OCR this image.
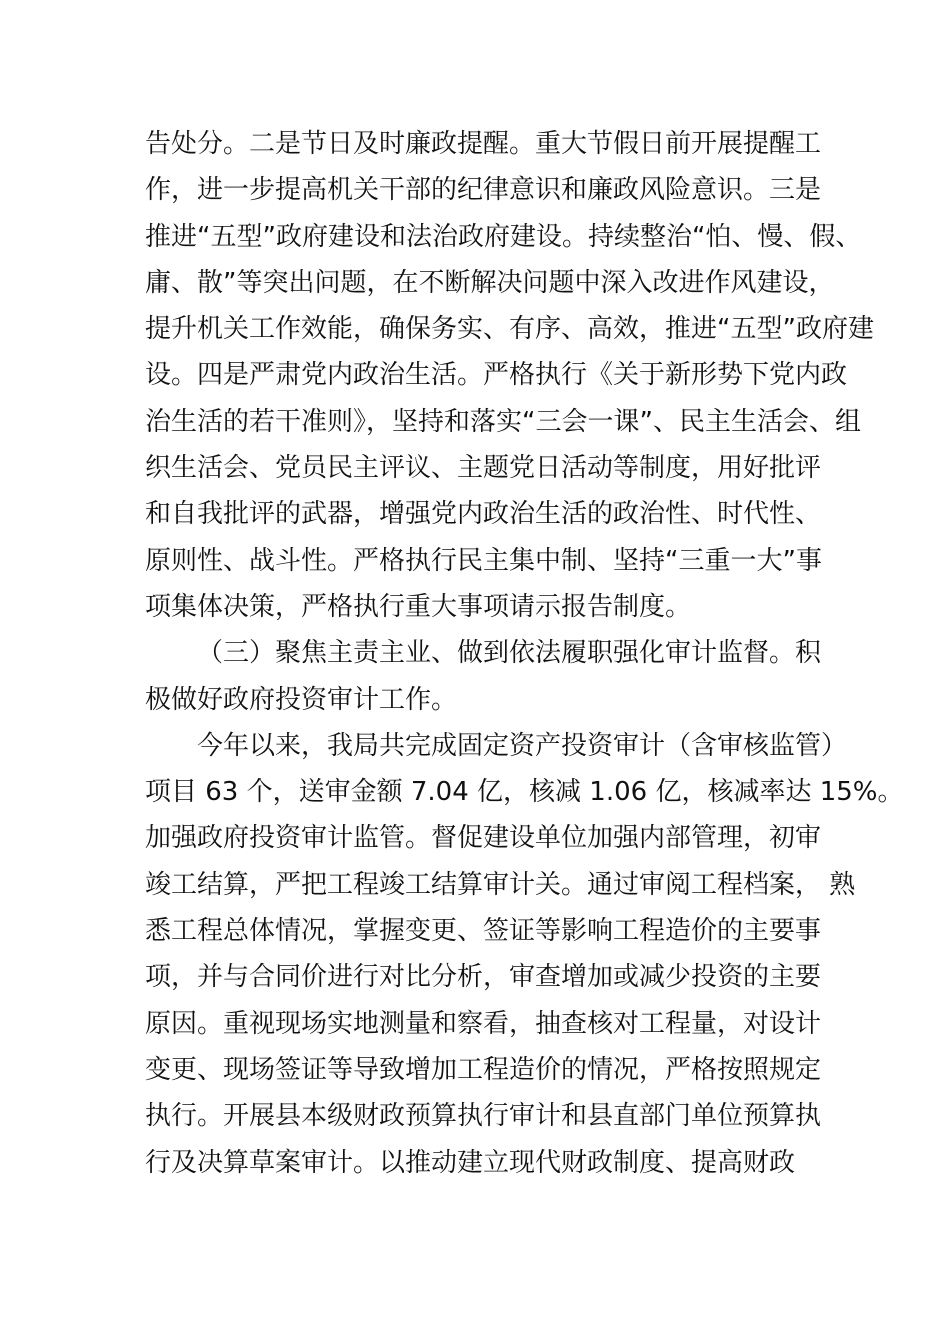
告处分。二是节日及时廉政提醒。重大节假日前开展提醒工
作，进一步提高机关干部的纪律意识和廉政风险意识。三是
推进“五型”政府建设和法治政府建设。持续整治“怕、慢、假、
庸、散”等突出问题，在不断解决问题中深入改进作风建设，
提升机关工作效能，确保务实、有序、高效，推进“五型”政府建
设。四是严肃党内政治生活。严格执行《关于新形势下党内政
治生活的若干准则》，坚持和落实“三会一课”、民主生活会、组
织生活会、党员民主评议、主题党日活动等制度，用好批评
和自我批评的武器，增强党内政治生活的政治性、时代性、
原则性、战斗性。严格执行民主集中制、坚持“三重一大”事
项集体决策，严格执行重大事项请示报告制度。
（三）聚焦主责主业、做到依法履职强化审计监督。积
极做好政府投资审计工作。
今年以来，我局共完成固定资产投资审计（含审核监管）
项目 63 个，送审金额 7.04 亿，核减 1.06 亿，核减率达 15%。
加强政府投资审计监管。督促建设单位加强内部管理，初审
竣工结算，严把工程竣工结算审计关。通过审阅工程档案， 熟
悉工程总体情况，掌握变更、签证等影响工程造价的主要事
项，并与合同价进行对比分析，审查增加或减少投资的主要
原因。重视现场实地测量和察看，抽查核对工程量，对设计
变更、现场签证等导致增加工程造价的情况，严格按照规定
执行。开展县本级财政预算执行审计和县直部门单位预算执
行及决算草案审计。以推动建立现代财政制度、提高财政
